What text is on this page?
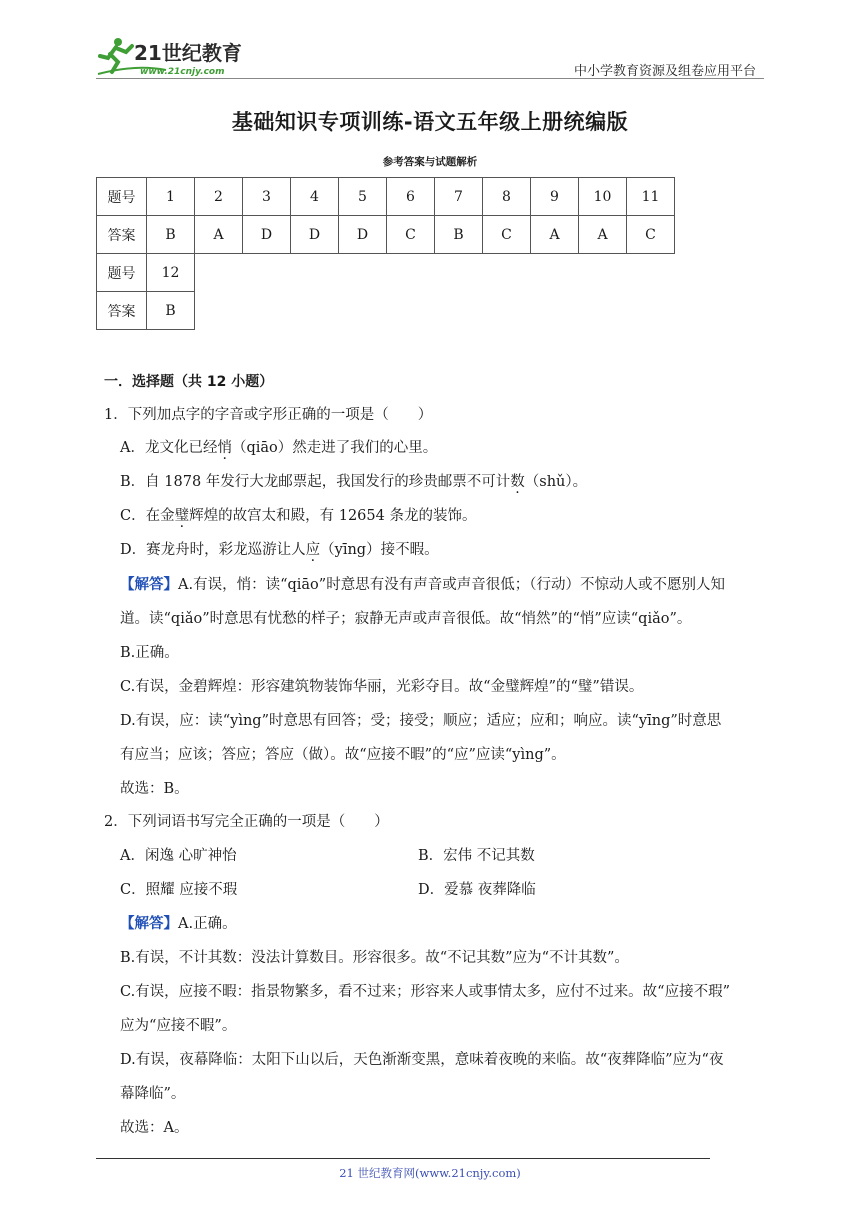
21世纪教育
www.21cnjy.com	中小学教育资源及组卷应用平台
基础知识专项训练-语文五年级上册统编版
参考答案与试题解析
题号	1	2	3	4	5	6	7	8	9	10	11
答案	B	A	D	D	D	C	B	C	A	A	C
题号	12										
答案	B										
一．选择题（共 12 小题）
1．下列加点字的字音或字形正确的一项是（　　）
A．龙文化已经悄（qiāo）然走进了我们的心里。
B．自 1878 年发行大龙邮票起，我国发行的珍贵邮票不可计数（shǔ）。
C．在金璧辉煌的故宫太和殿，有 12654 条龙的装饰。
D．赛龙舟时，彩龙巡游让人应（yīng）接不暇。
【解答】A.有误，悄：读“qiāo”时意思有没有声音或声音很低；（行动）不惊动人或不愿别人知
道。读“qiǎo”时意思有忧愁的样子；寂静无声或声音很低。故“悄然”的“悄”应读“qiǎo”。
B.正确。
C.有误，金碧辉煌：形容建筑物装饰华丽，光彩夺目。故“金璧辉煌”的“璧”错误。
D.有误，应：读“yìng”时意思有回答；受；接受；顺应；适应；应和；响应。读“yīng”时意思
有应当；应该；答应；答应（做）。故“应接不暇”的“应”应读“yìng”。
故选：B。
2．下列词语书写完全正确的一项是（　　）
A．闲逸 心旷神怡	B．宏伟 不记其数
C．照耀 应接不瑕	D．爱慕 夜葬降临
【解答】A.正确。
B.有误，不计其数：没法计算数目。形容很多。故“不记其数”应为“不计其数”。
C.有误，应接不暇：指景物繁多，看不过来；形容来人或事情太多，应付不过来。故“应接不瑕”
应为“应接不暇”。
D.有误，夜幕降临：太阳下山以后，天色渐渐变黑，意味着夜晚的来临。故“夜葬降临”应为“夜
幕降临”。
故选：A。
21 世纪教育网(www.21cnjy.com)
